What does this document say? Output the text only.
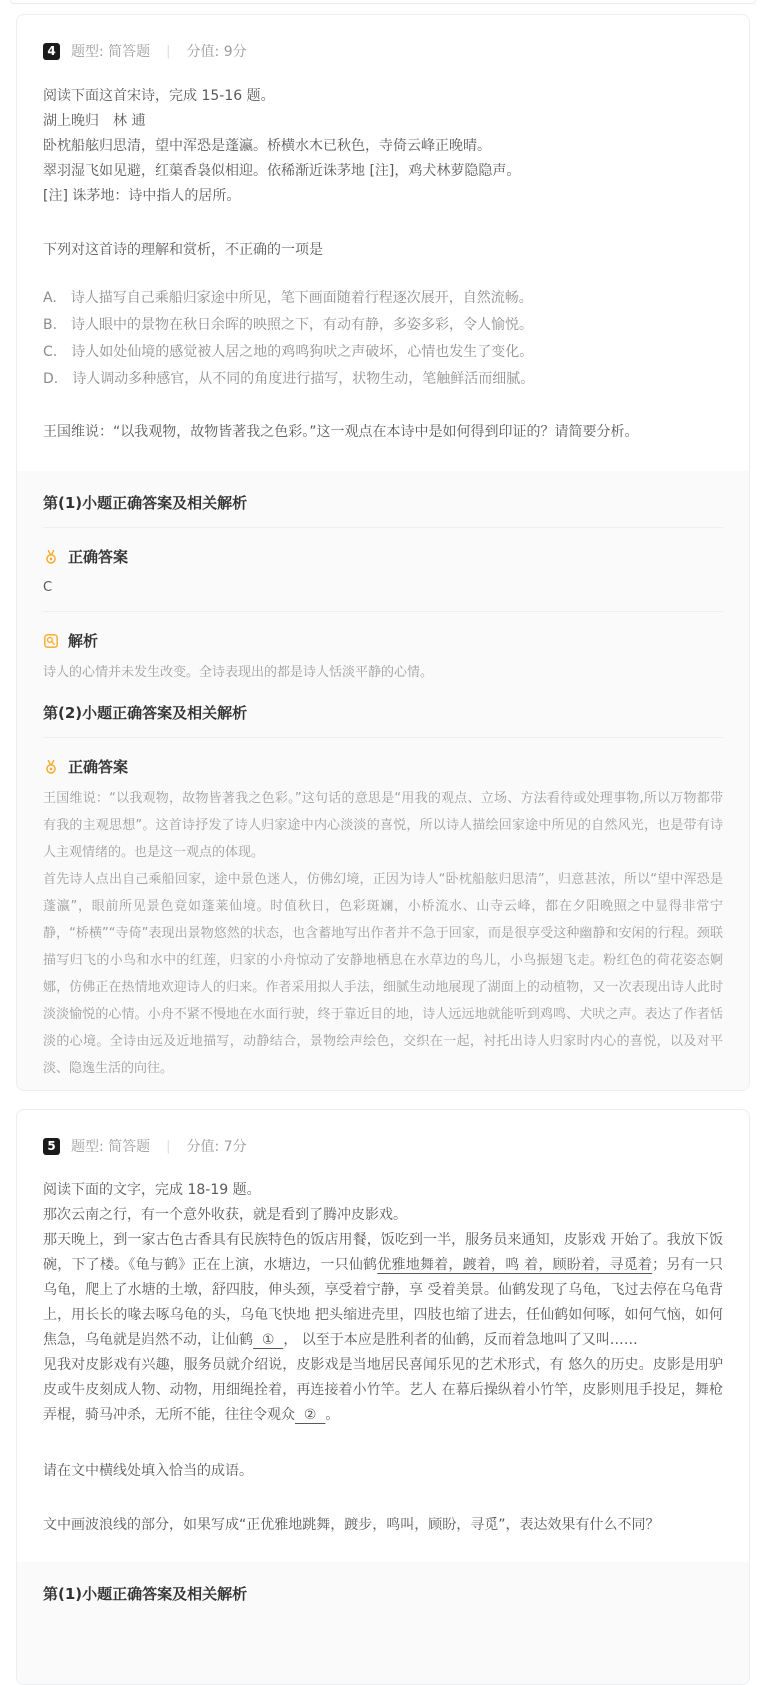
4	题型: 简答题 | 分值: 9分

阅读下面这首宋诗，完成 15-16 题。

湖上晚归　林 逋

卧枕船舷归思清，望中浑恐是蓬瀛。桥横水木已秋色，寺倚云峰正晚晴。

翠羽湿飞如见避，红蕖香袅似相迎。依稀渐近诛茅地 [注]，鸡犬林萝隐隐声。

[注] 诛茅地：诗中指人的居所。

下列对这首诗的理解和赏析，不正确的一项是

A.　诗人描写自己乘船归家途中所见，笔下画面随着行程逐次展开，自然流畅。

B.　诗人眼中的景物在秋日余晖的映照之下，有动有静，多姿多彩，令人愉悦。

C.　诗人如处仙境的感觉被人居之地的鸡鸣狗吠之声破坏，心情也发生了变化。

D.　诗人调动多种感官，从不同的角度进行描写，状物生动，笔触鲜活而细腻。

王国维说：“以我观物，故物皆著我之色彩。”这一观点在本诗中是如何得到印证的？请简要分析。

第(1)小题正确答案及相关解析
正确答案

C

解析

诗人的心情并未发生改变。全诗表现出的都是诗人恬淡平静的心情。

第(2)小题正确答案及相关解析
正确答案

王国维说：“以我观物，故物皆著我之色彩。”这句话的意思是“用我的观点、立场、方法看待或处理事物,所以万物都带有我的主观思想”。这首诗抒发了诗人归家途中内心淡淡的喜悦，所以诗人描绘回家途中所见的自然风光，也是带有诗人主观情绪的。也是这一观点的体现。

首先诗人点出自己乘船回家，途中景色迷人，仿佛幻境，正因为诗人“卧枕船舷归思清”，归意甚浓，所以“望中浑恐是蓬瀛”，眼前所见景色竟如蓬莱仙境。时值秋日，色彩斑斓，小桥流水、山寺云峰，都在夕阳晚照之中显得非常宁静，“桥横”“寺倚”表现出景物悠然的状态，也含蓄地写出作者并不急于回家，而是很享受这种幽静和安闲的行程。颈联描写归飞的小鸟和水中的红莲，归家的小舟惊动了安静地栖息在水草边的鸟儿，小鸟振翅飞走。粉红色的荷花姿态婀娜，仿佛正在热情地欢迎诗人的归来。作者采用拟人手法，细腻生动地展现了湖面上的动植物，又一次表现出诗人此时淡淡愉悦的心情。小舟不紧不慢地在水面行驶，终于靠近目的地，诗人远远地就能听到鸡鸣、犬吠之声。表达了作者恬淡的心境。全诗由远及近地描写，动静结合，景物绘声绘色，交织在一起，衬托出诗人归家时内心的喜悦，以及对平淡、隐逸生活的向往。

5	题型: 简答题 | 分值: 7分

阅读下面的文字，完成 18-19 题。

那次云南之行，有一个意外收获，就是看到了腾冲皮影戏。

那天晚上，到一家古色古香具有民族特色的饭店用餐，饭吃到一半，服务员来通知，皮影戏 开始了。我放下饭碗，下了楼。《龟与鹤》正在上演，水塘边，一只仙鹤优雅地舞着，踱着，鸣 着，顾盼着，寻觅着；另有一只乌龟，爬上了水塘的土墩，舒四肢，伸头颈，享受着宁静，享 受着美景。仙鹤发现了乌龟，飞过去停在乌龟背上，用长长的喙去啄乌龟的头，乌龟飞快地 把头缩进壳里，四肢也缩了进去，任仙鹤如何啄，如何气恼，如何焦急，乌龟就是岿然不动，让仙鹤  ①  ， 以至于本应是胜利者的仙鹤，反而着急地叫了又叫……

见我对皮影戏有兴趣，服务员就介绍说，皮影戏是当地居民喜闻乐见的艺术形式，有 悠久的历史。皮影是用驴皮或牛皮刻成人物、动物，用细绳拴着，再连接着小竹竿。艺人 在幕后操纵着小竹竿，皮影则甩手投足，舞枪弄棍，骑马冲杀，无所不能，往往令观众  ②  。

请在文中横线处填入恰当的成语。

文中画波浪线的部分，如果写成“正优雅地跳舞，踱步，鸣叫，顾盼，寻觅”，表达效果有什么不同？

第(1)小题正确答案及相关解析
